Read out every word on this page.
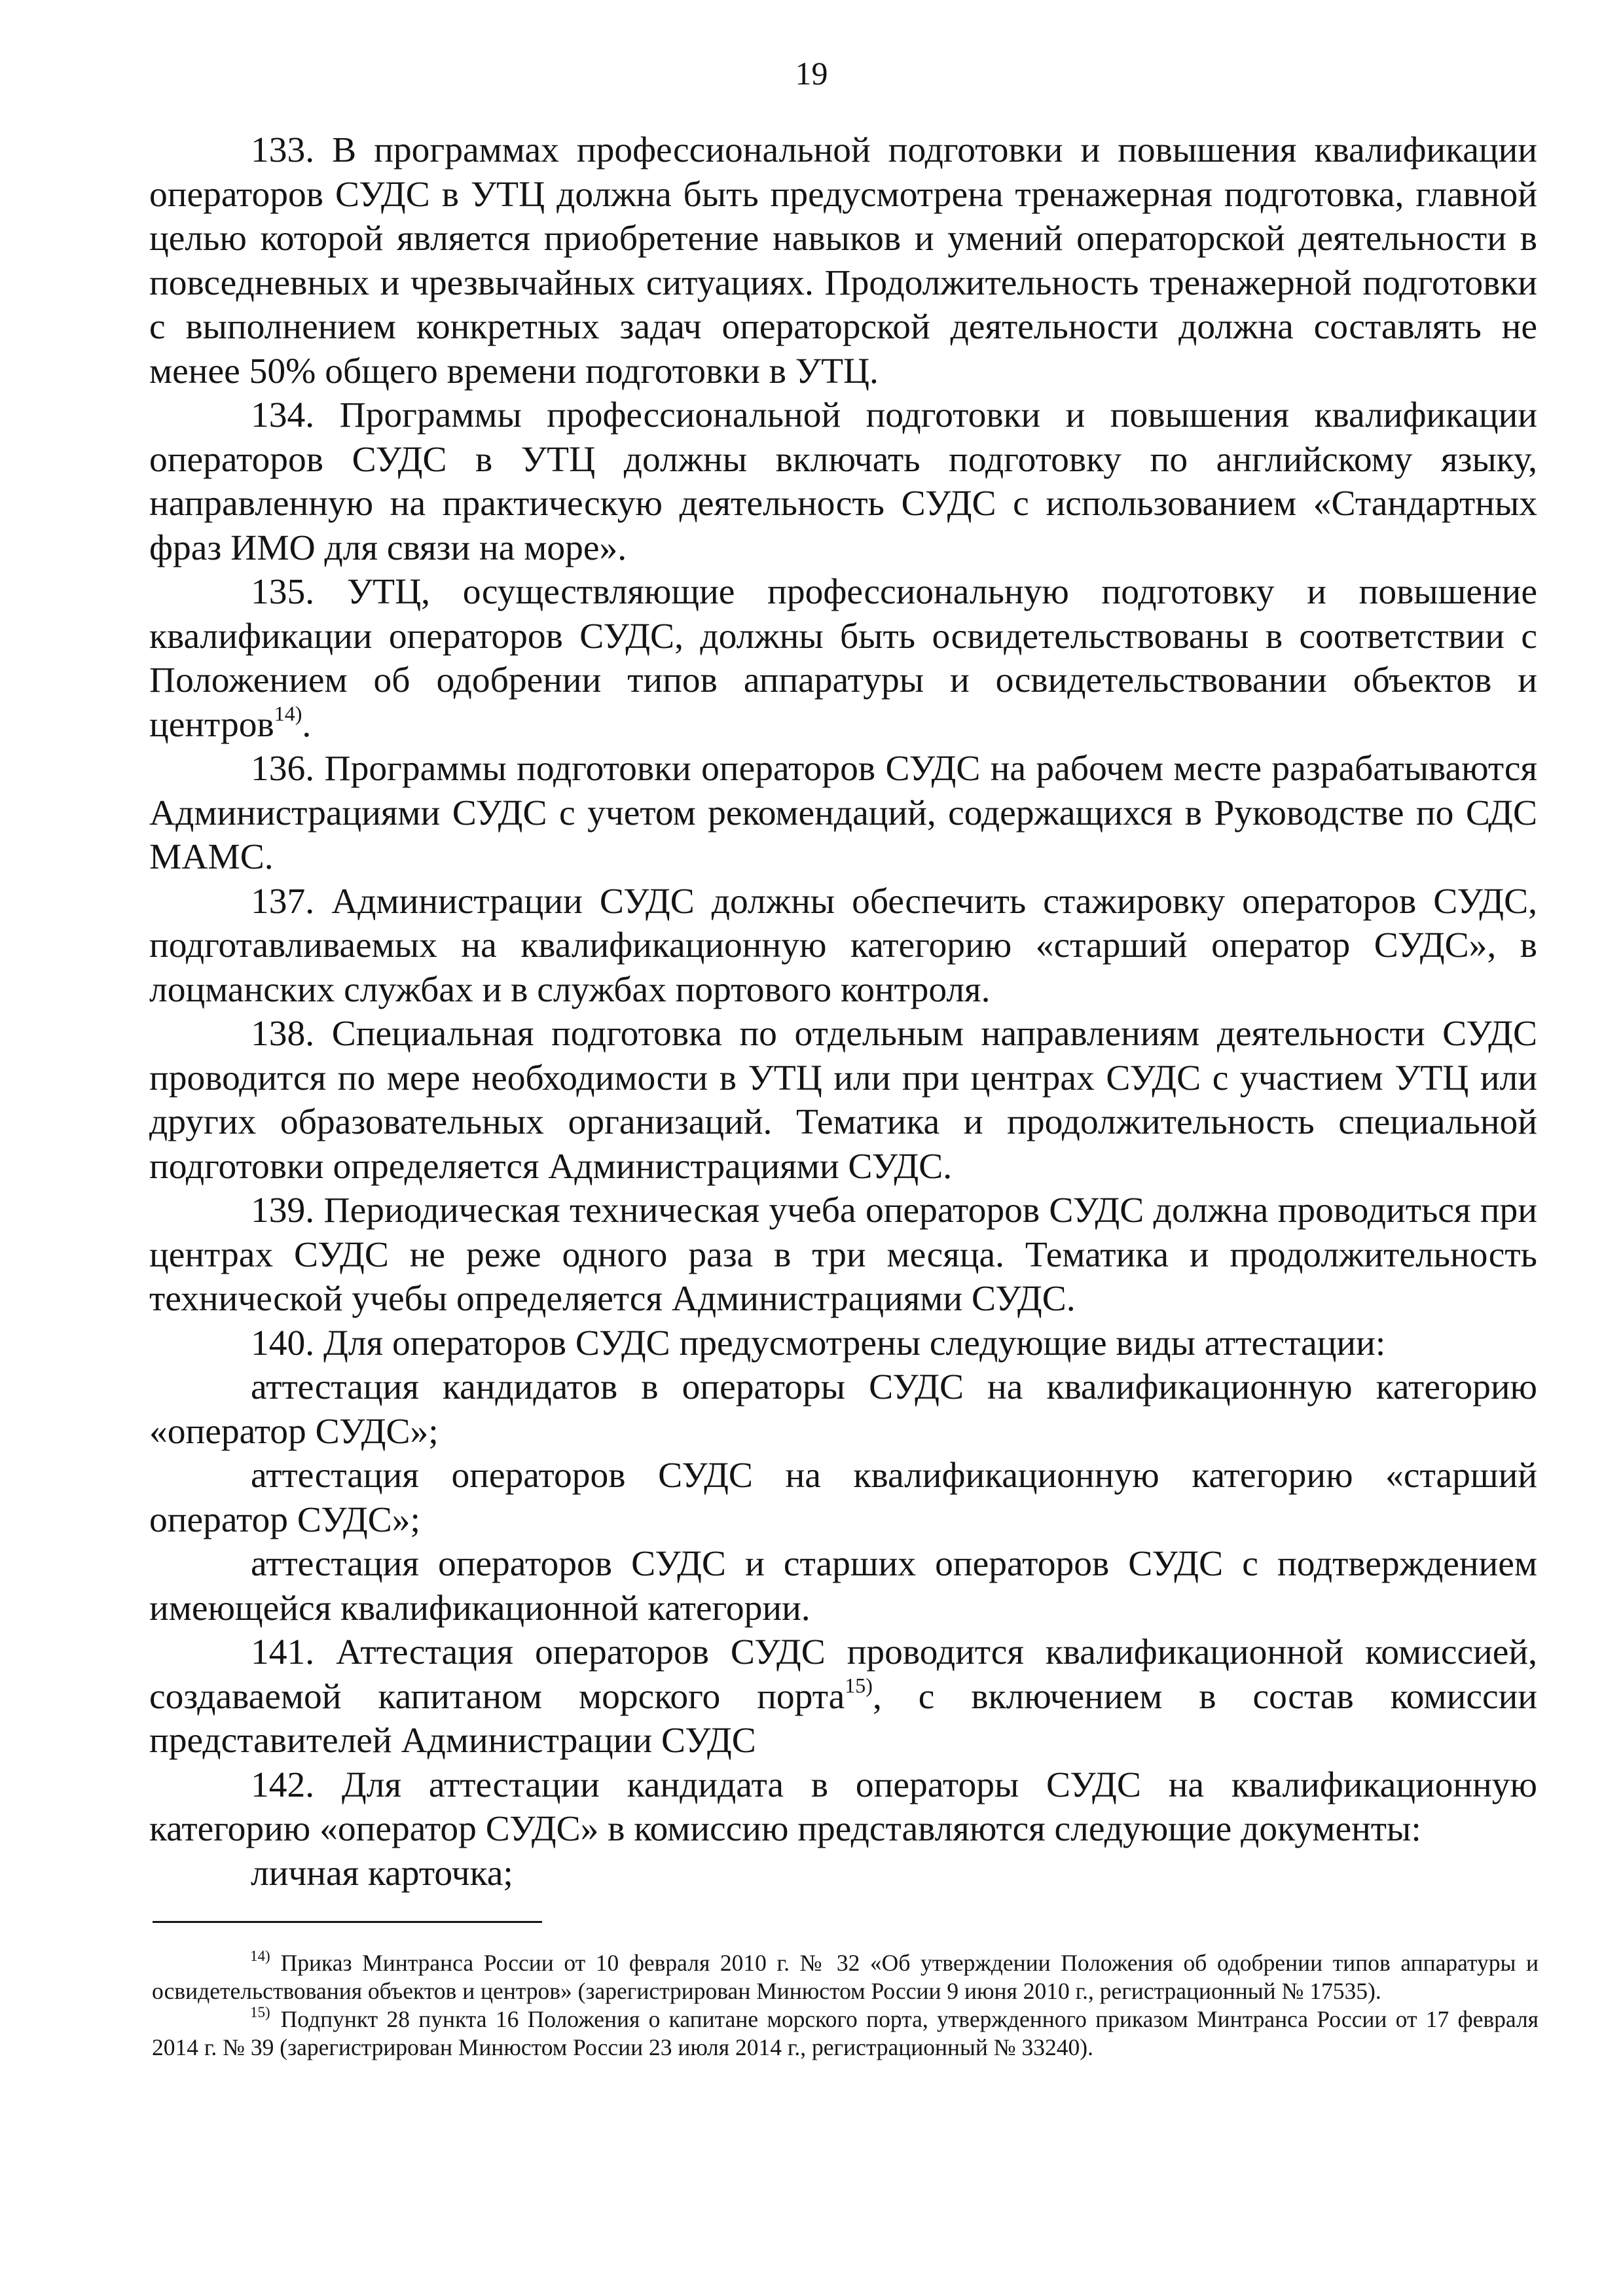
19

133. В программах профессиональной подготовки и повышения квалификации операторов СУДС в УТЦ должна быть предусмотрена тренажерная подготовка, главной целью которой является приобретение навыков и умений операторской деятельности в повседневных и чрезвычайных ситуациях. Продолжительность тренажерной подготовки с выполнением конкретных задач операторской деятельности должна составлять не менее 50% общего времени подготовки в УТЦ.

134. Программы профессиональной подготовки и повышения квалификации операторов СУДС в УТЦ должны включать подготовку по английскому языку, направленную на практическую деятельность СУДС с использованием «Стандартных фраз ИМО для связи на море».

135. УТЦ, осуществляющие профессиональную подготовку и повышение квалификации операторов СУДС, должны быть освидетельствованы в соответствии с Положением об одобрении типов аппаратуры и освидетельствовании объектов и центров$^{14)}$.

136. Программы подготовки операторов СУДС на рабочем месте разрабатываются Администрациями СУДС с учетом рекомендаций, содержащихся в Руководстве по СДС МАМС.

137. Администрации СУДС должны обеспечить стажировку операторов СУДС, подготавливаемых на квалификационную категорию «старший оператор СУДС», в лоцманских службах и в службах портового контроля.

138. Специальная подготовка по отдельным направлениям деятельности СУДС проводится по мере необходимости в УТЦ или при центрах СУДС с участием УТЦ или других образовательных организаций. Тематика и продолжительность специальной подготовки определяется Администрациями СУДС.

139. Периодическая техническая учеба операторов СУДС должна проводиться при центрах СУДС не реже одного раза в три месяца. Тематика и продолжительность технической учебы определяется Администрациями СУДС.

140. Для операторов СУДС предусмотрены следующие виды аттестации:

аттестация кандидатов в операторы СУДС на квалификационную категорию «оператор СУДС»;

аттестация операторов СУДС на квалификационную категорию «старший оператор СУДС»;

аттестация операторов СУДС и старших операторов СУДС с подтверждением имеющейся квалификационной категории.

141. Аттестация операторов СУДС проводится квалификационной комиссией, создаваемой капитаном морского порта$^{15)}$, с включением в состав комиссии представителей Администрации СУДС

142. Для аттестации кандидата в операторы СУДС на квалификационную категорию «оператор СУДС» в комиссию представляются следующие документы:

личная карточка;

$^{14)}$ Приказ Минтранса России от 10 февраля 2010 г. № 32 «Об утверждении Положения об одобрении типов аппаратуры и освидетельствования объектов и центров» (зарегистрирован Минюстом России 9 июня 2010 г., регистрационный № 17535).

$^{15)}$ Подпункт 28 пункта 16 Положения о капитане морского порта, утвержденного приказом Минтранса России от 17 февраля 2014 г. № 39 (зарегистрирован Минюстом России 23 июля 2014 г., регистрационный № 33240).
